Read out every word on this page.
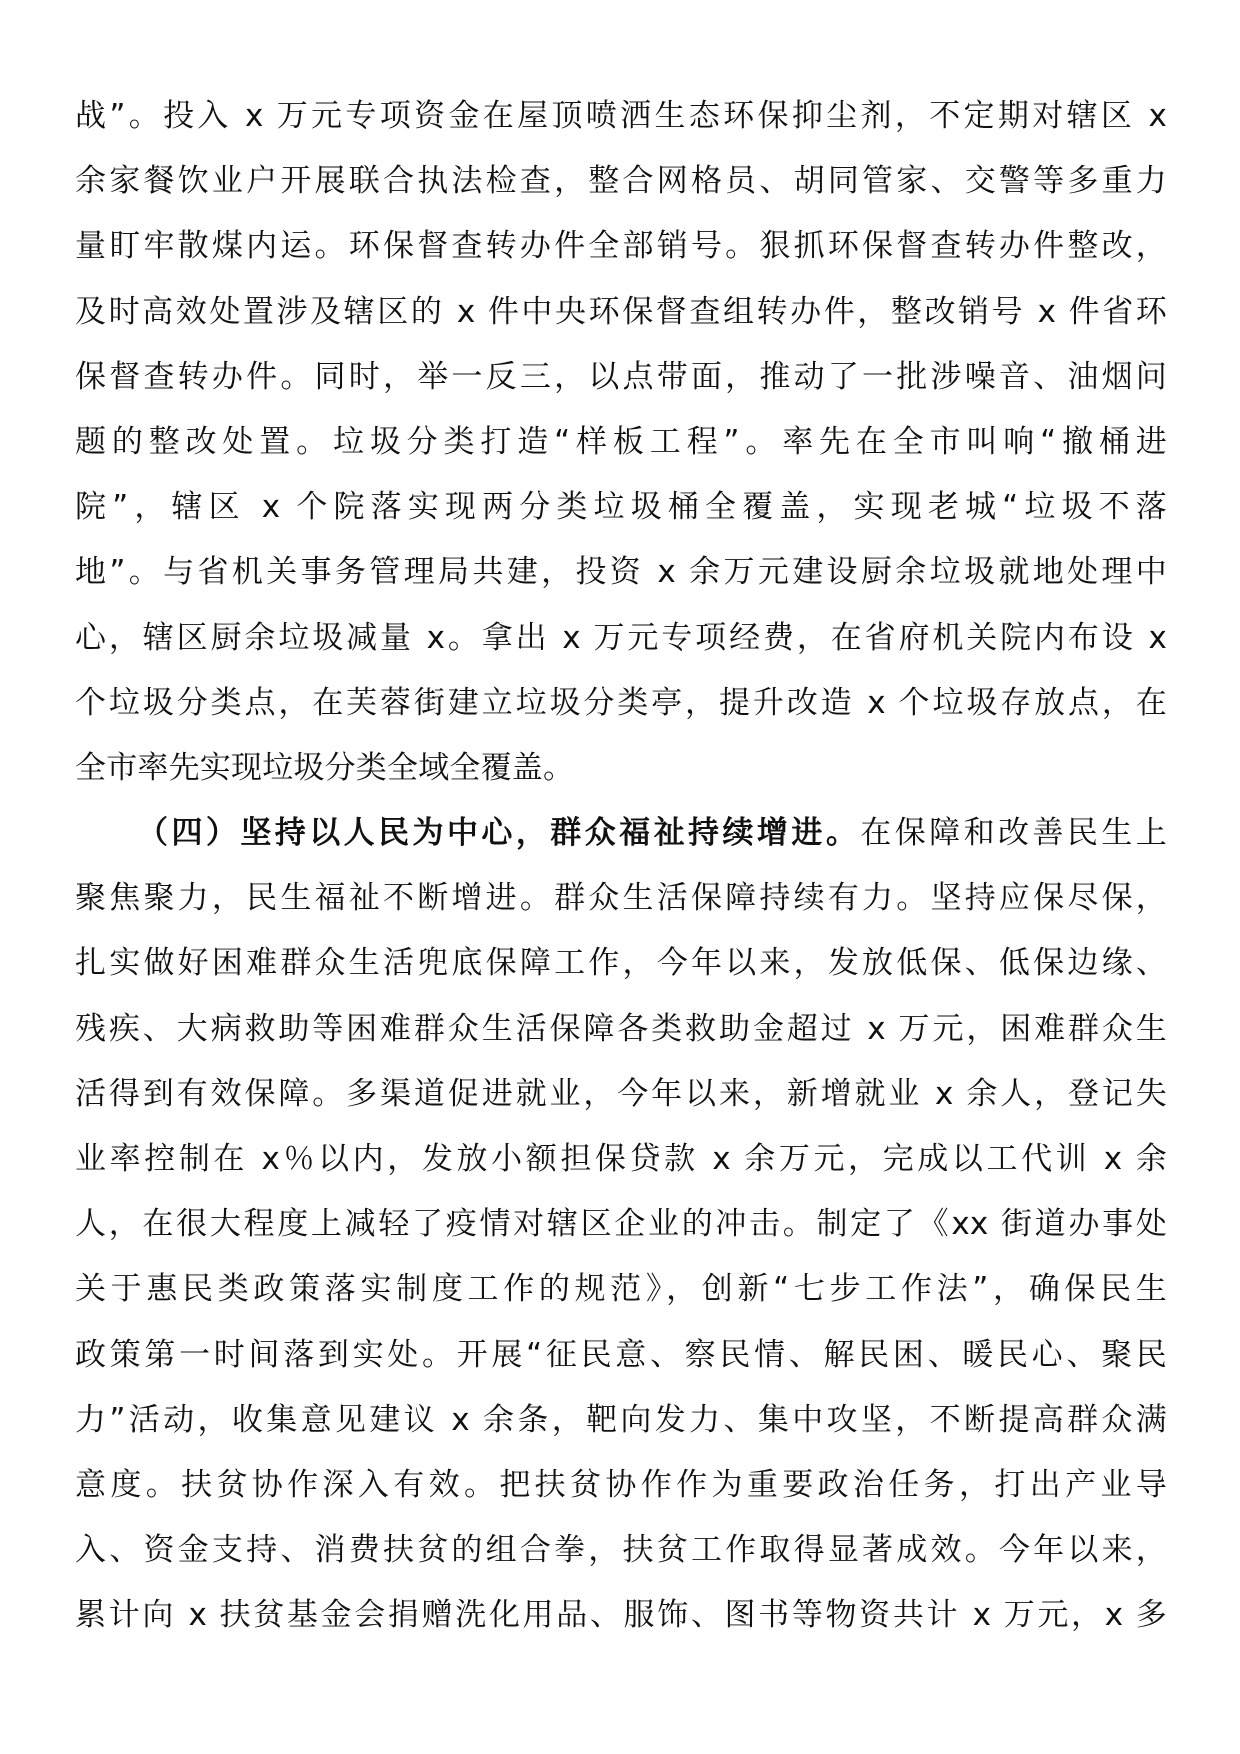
战”。投入 x 万元专项资金在屋顶喷洒生态环保抑尘剂，不定期对辖区 x
余家餐饮业户开展联合执法检查，整合网格员、胡同管家、交警等多重力
量盯牢散煤内运。环保督查转办件全部销号。狠抓环保督查转办件整改，
及时高效处置涉及辖区的 x 件中央环保督查组转办件，整改销号 x 件省环
保督查转办件。同时，举一反三，以点带面，推动了一批涉噪音、油烟问
题的整改处置。垃圾分类打造“样板工程”。率先在全市叫响“撤桶进
院”，辖区 x 个院落实现两分类垃圾桶全覆盖，实现老城“垃圾不落
地”。与省机关事务管理局共建，投资 x 余万元建设厨余垃圾就地处理中
心，辖区厨余垃圾减量 x。拿出 x 万元专项经费，在省府机关院内布设 x
个垃圾分类点，在芙蓉街建立垃圾分类亭，提升改造 x 个垃圾存放点，在
全市率先实现垃圾分类全域全覆盖。
（四）坚持以人民为中心，群众福祉持续增进。在保障和改善民生上
聚焦聚力，民生福祉不断增进。群众生活保障持续有力。坚持应保尽保，
扎实做好困难群众生活兜底保障工作，今年以来，发放低保、低保边缘、
残疾、大病救助等困难群众生活保障各类救助金超过 x 万元，困难群众生
活得到有效保障。多渠道促进就业，今年以来，新增就业 x 余人，登记失
业率控制在 x％以内，发放小额担保贷款 x 余万元，完成以工代训 x 余
人，在很大程度上减轻了疫情对辖区企业的冲击。制定了《xx 街道办事处
关于惠民类政策落实制度工作的规范》，创新“七步工作法”，确保民生
政策第一时间落到实处。开展“征民意、察民情、解民困、暖民心、聚民
力”活动，收集意见建议 x 余条，靶向发力、集中攻坚，不断提高群众满
意度。扶贫协作深入有效。把扶贫协作作为重要政治任务，打出产业导
入、资金支持、消费扶贫的组合拳，扶贫工作取得显著成效。今年以来，
累计向 x 扶贫基金会捐赠洗化用品、服饰、图书等物资共计 x 万元，x 多
